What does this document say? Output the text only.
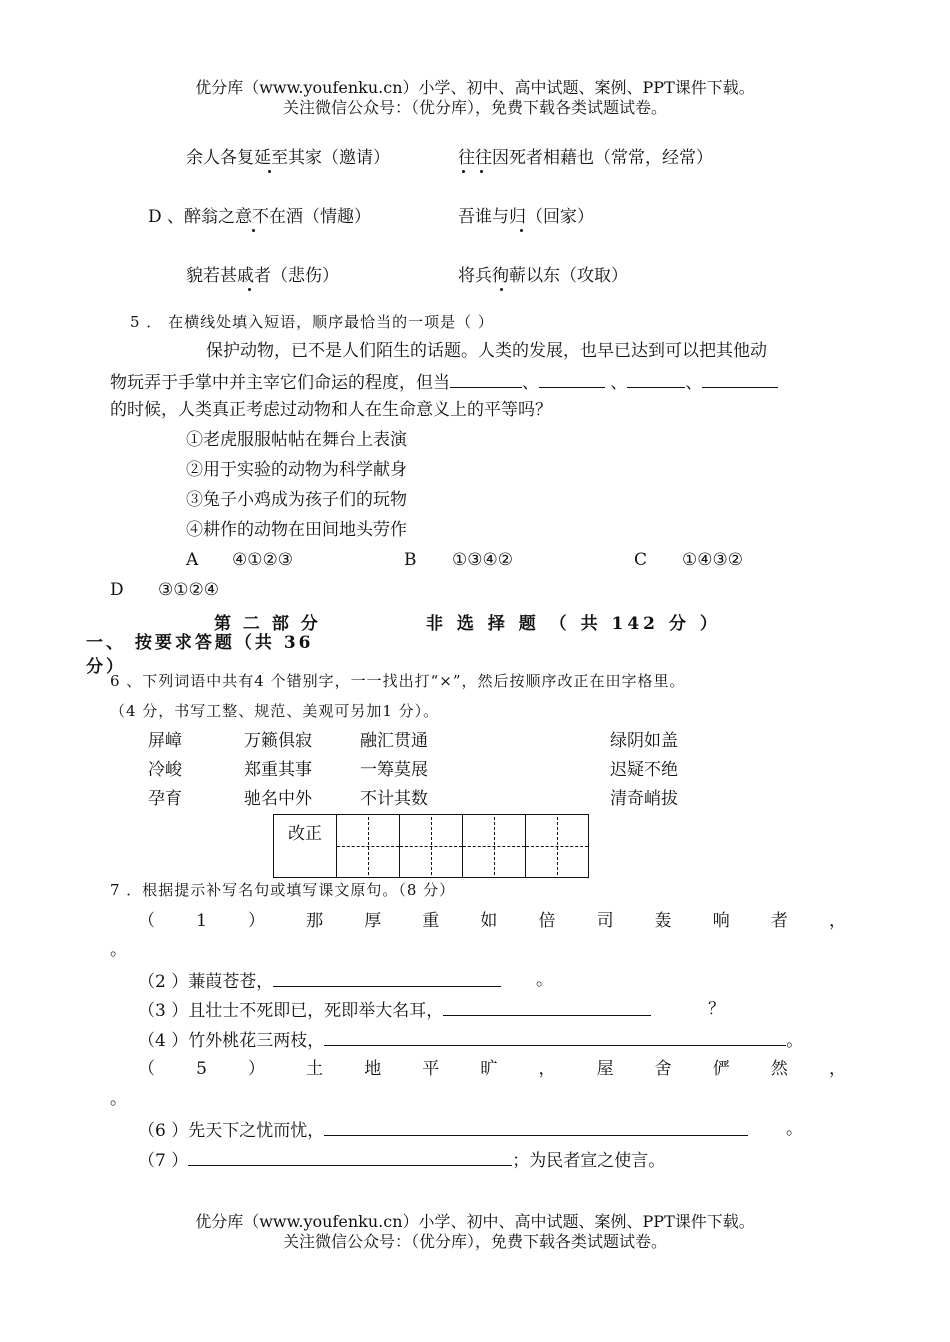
优分库（www.youfenku.cn）小学、初中、高中试题、案例、PPT课件下载。
关注微信公众号：（优分库），免费下载各类试题试卷。
余人各复延至其家（邀请）	往往因死者相藉也（常常，经常）
D 、醉翁之意不在酒（情趣）	吾谁与归（回家）
貌若甚戚者（悲伤）	将兵徇蕲以东（攻取）
5 ． 在横线处填入短语，顺序最恰当的一项是（ ）
保护动物，已不是人们陌生的话题。人类的发展，也早已达到可以把其他动
物玩弄于手掌中并主宰它们命运的程度，但当	、	、	、
的时候，人类真正考虑过动物和人在生命意义上的平等吗？
①老虎服服帖帖在舞台上表演
②用于实验的动物为科学献身
③兔子小鸡成为孩子们的玩物
④耕作的动物在田间地头劳作
A ④①②③	B ①③④②	C ①④③②
D ③①②④
第 二 部 分	非 选 择 题 （ 共 142 分 ）
一、 按要求答题（共 36 分）
6 、下列词语中共有4 个错别字，一一找出打“×”，然后按顺序改正在田字格里。
（4 分，书写工整、规范、美观可另加1 分）。
屏嶂	万籁俱寂	融汇贯通	绿阴如盖
冷峻	郑重其事	一筹莫展	迟疑不绝
孕育	驰名中外	不计其数	清奇峭拔
改正	

7 ．根据提示补写名句或填写课文原句。（8 分）
（ 1 ） 那 厚 重 如 倍 司 轰 响 者 ，
。
（2 ）蒹葭苍苍，	。
（3 ）且壮士不死即已，死即举大名耳，	？
（4 ）竹外桃花三两枝，	。
（ 5 ） 土 地 平 旷 ， 屋 舍 俨 然 ，
。
（6 ）先天下之忧而忧，	。
（7 ）	；为民者宣之使言。
优分库（www.youfenku.cn）小学、初中、高中试题、案例、PPT课件下载。
关注微信公众号：（优分库），免费下载各类试题试卷。
